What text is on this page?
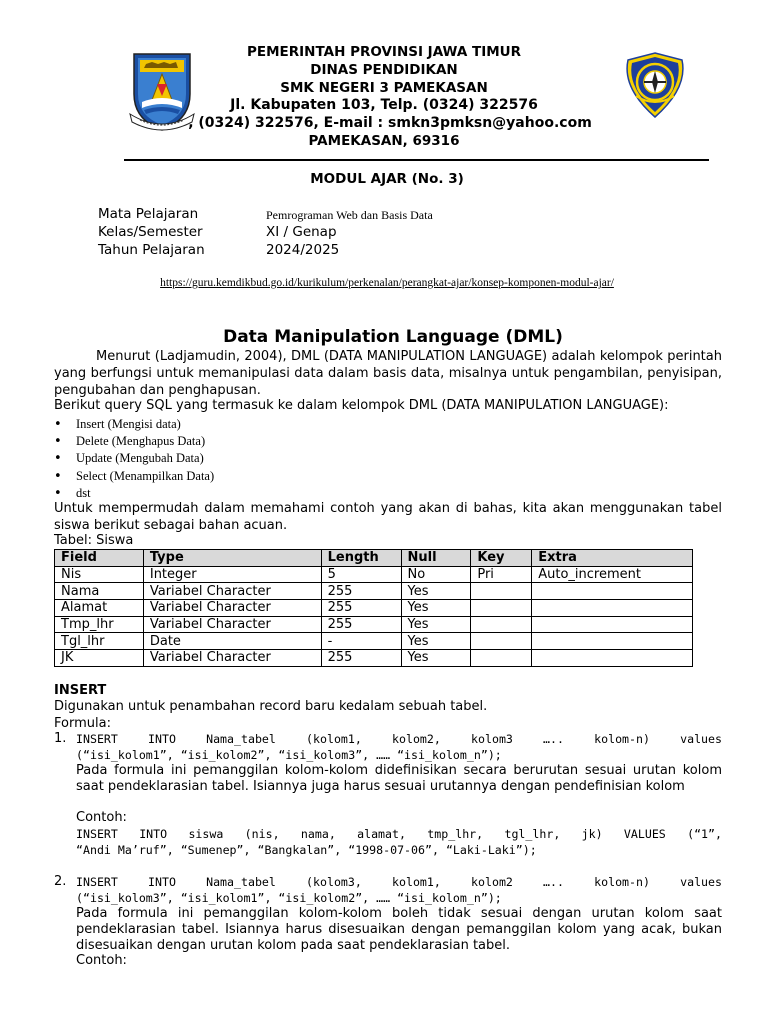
PEMERINTAH PROVINSI JAWA TIMUR
DINAS PENDIDIKAN
SMK NEGERI 3 PAMEKASAN
Jl. Kabupaten 103, Telp. (0324) 322576
, (0324) 322576, E-mail : smkn3pmksn@yahoo.com
PAMEKASAN, 69316
MODUL AJAR (No. 3)
Mata Pelajaran	Pemrograman Web dan Basis Data
Kelas/Semester	XI / Genap
Tahun Pelajaran	2024/2025
https://guru.kemdikbud.go.id/kurikulum/perkenalan/perangkat-ajar/konsep-komponen-modul-ajar/
Data Manipulation Language (DML)
Menurut (Ladjamudin, 2004), DML (DATA MANIPULATION LANGUAGE) adalah kelompok perintah yang berfungsi untuk memanipulasi data dalam basis data, misalnya untuk pengambilan, penyisipan, pengubahan dan penghapusan.
Berikut query SQL yang termasuk ke dalam kelompok DML (DATA MANIPULATION LANGUAGE):
• Insert (Mengisi data)
• Delete (Menghapus Data)
• Update (Mengubah Data)
• Select (Menampilkan Data)
• dst
Untuk mempermudah dalam memahami contoh yang akan di bahas, kita akan menggunakan tabel siswa berikut sebagai bahan acuan.
Tabel: Siswa
Field	Type	Length	Null	Key	Extra
Nis	Integer	5	No	Pri	Auto_increment
Nama	Variabel Character	255	Yes		
Alamat	Variabel Character	255	Yes		
Tmp_lhr	Variabel Character	255	Yes		
Tgl_lhr	Date	-	Yes		
JK	Variabel Character	255	Yes		
INSERT
Digunakan untuk penambahan record baru kedalam sebuah tabel.
Formula:
1. INSERT INTO Nama_tabel (kolom1, kolom2, kolom3 ….. kolom-n) values
(“isi_kolom1”, “isi_kolom2”, “isi_kolom3”, …… “isi_kolom_n”);
Pada formula ini pemanggilan kolom-kolom didefinisikan secara berurutan sesuai urutan kolom saat pendeklarasian tabel. Isiannya juga harus sesuai urutannya dengan pendefinisian kolom
Contoh:
INSERT INTO siswa (nis, nama, alamat, tmp_lhr, tgl_lhr, jk) VALUES (“1”,
“Andi Ma’ruf”, “Sumenep”, “Bangkalan”, “1998-07-06”, “Laki-Laki”);
2. INSERT INTO Nama_tabel (kolom3, kolom1, kolom2 ….. kolom-n) values
(“isi_kolom3”, “isi_kolom1”, “isi_kolom2”, …… “isi_kolom_n”);
Pada formula ini pemanggilan kolom-kolom boleh tidak sesuai dengan urutan kolom saat pendeklarasian tabel. Isiannya harus disesuaikan dengan pemanggilan kolom yang acak, bukan disesuaikan dengan urutan kolom pada saat pendeklarasian tabel.
Contoh:
